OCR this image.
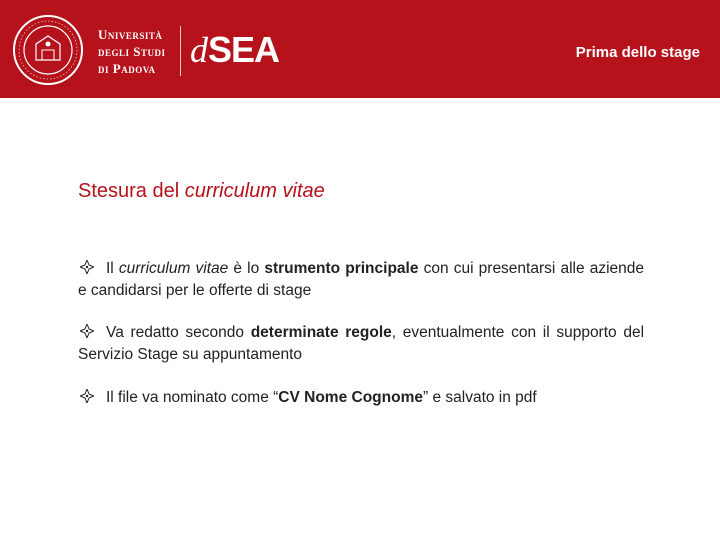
Università
degli Studi
di Padova dSEA	Prima dello stage
Stesura del curriculum vitae
Il curriculum vitae è lo strumento principale con cui presentarsi alle aziende e candidarsi per le offerte di stage
Va redatto secondo determinate regole, eventualmente con il supporto del Servizio Stage su appuntamento
Il file va nominato come “CV Nome Cognome” e salvato in pdf
